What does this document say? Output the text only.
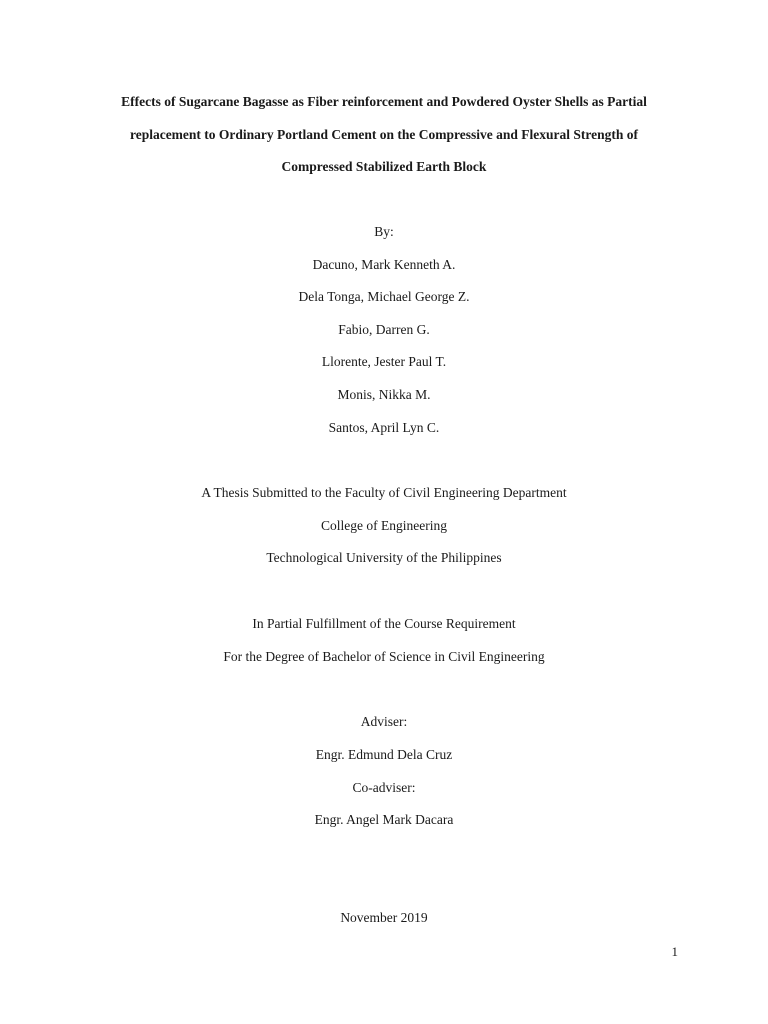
Effects of Sugarcane Bagasse as Fiber reinforcement and Powdered Oyster Shells as Partial
replacement to Ordinary Portland Cement on the Compressive and Flexural Strength of
Compressed Stabilized Earth Block
By:
Dacuno, Mark Kenneth A.
Dela Tonga, Michael George Z.
Fabio, Darren G.
Llorente, Jester Paul T.
Monis, Nikka M.
Santos, April Lyn C.
A Thesis Submitted to the Faculty of Civil Engineering Department
College of Engineering
Technological University of the Philippines
In Partial Fulfillment of the Course Requirement
For the Degree of Bachelor of Science in Civil Engineering
Adviser:
Engr. Edmund Dela Cruz
Co-adviser:
Engr. Angel Mark Dacara
November 2019
1
